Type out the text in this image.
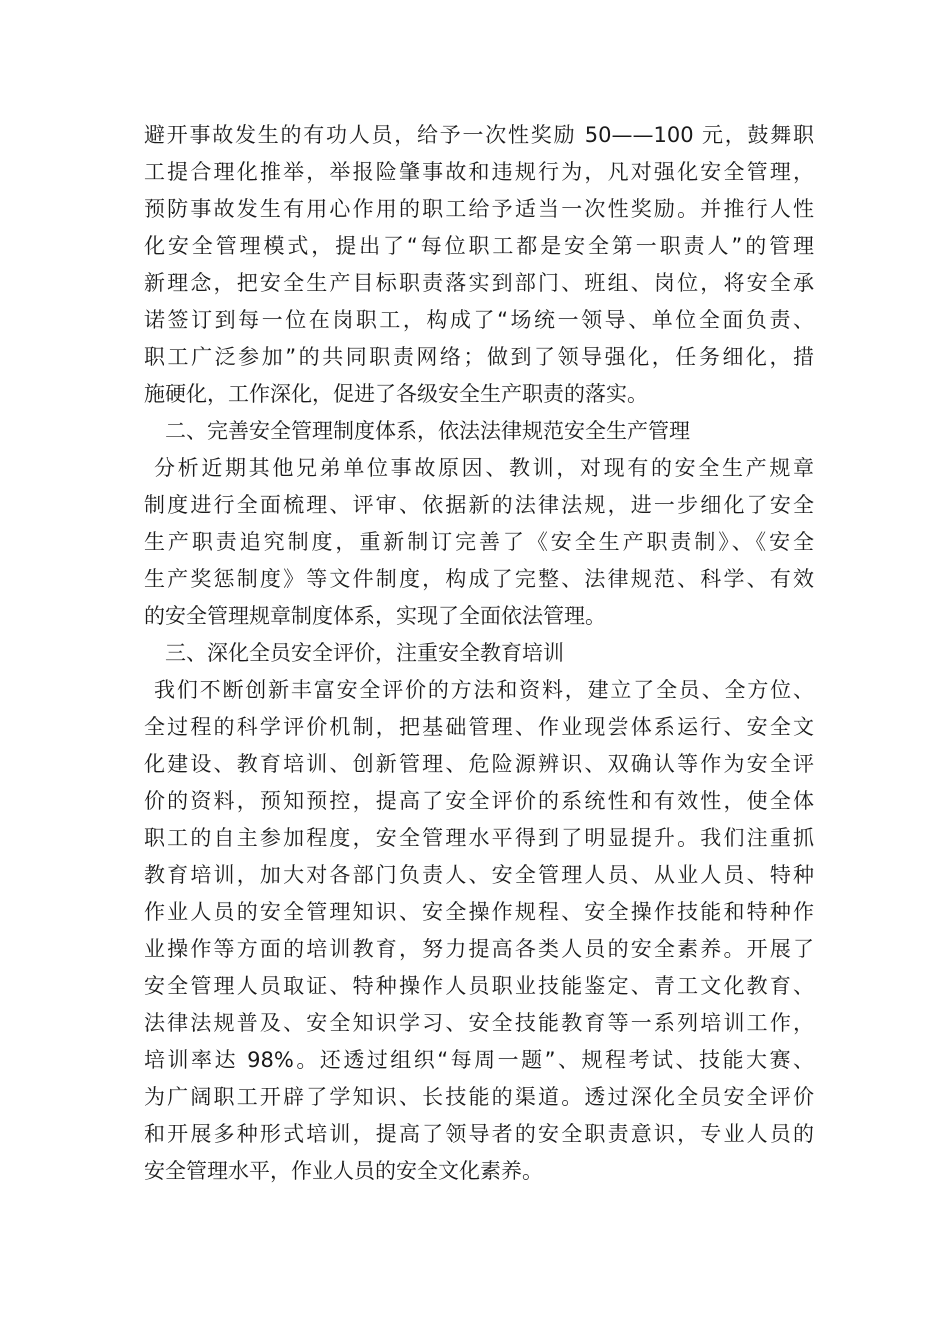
避开事故发生的有功人员，给予一次性奖励 50——100 元，鼓舞职
工提合理化推举，举报险肇事故和违规行为，凡对强化安全管理，
预防事故发生有用心作用的职工给予适当一次性奖励。并推行人性
化安全管理模式，提出了“每位职工都是安全第一职责人”的管理
新理念，把安全生产目标职责落实到部门、班组、岗位，将安全承
诺签订到每一位在岗职工，构成了“场统一领导、单位全面负责、
职工广泛参加”的共同职责网络；做到了领导强化，任务细化，措
施硬化，工作深化，促进了各级安全生产职责的落实。
二、完善安全管理制度体系，依法法律规范安全生产管理
分析近期其他兄弟单位事故原因、教训，对现有的安全生产规章
制度进行全面梳理、评审、依据新的法律法规，进一步细化了安全
生产职责追究制度，重新制订完善了《安全生产职责制》、《安全
生产奖惩制度》等文件制度，构成了完整、法律规范、科学、有效
的安全管理规章制度体系，实现了全面依法管理。
三、深化全员安全评价，注重安全教育培训
我们不断创新丰富安全评价的方法和资料，建立了全员、全方位、
全过程的科学评价机制，把基础管理、作业现尝体系运行、安全文
化建设、教育培训、创新管理、危险源辨识、双确认等作为安全评
价的资料，预知预控，提高了安全评价的系统性和有效性，使全体
职工的自主参加程度，安全管理水平得到了明显提升。我们注重抓
教育培训，加大对各部门负责人、安全管理人员、从业人员、特种
作业人员的安全管理知识、安全操作规程、安全操作技能和特种作
业操作等方面的培训教育，努力提高各类人员的安全素养。开展了
安全管理人员取证、特种操作人员职业技能鉴定、青工文化教育、
法律法规普及、安全知识学习、安全技能教育等一系列培训工作，
培训率达 98%。还透过组织“每周一题”、规程考试、技能大赛、
为广阔职工开辟了学知识、长技能的渠道。透过深化全员安全评价
和开展多种形式培训，提高了领导者的安全职责意识，专业人员的
安全管理水平，作业人员的安全文化素养。
